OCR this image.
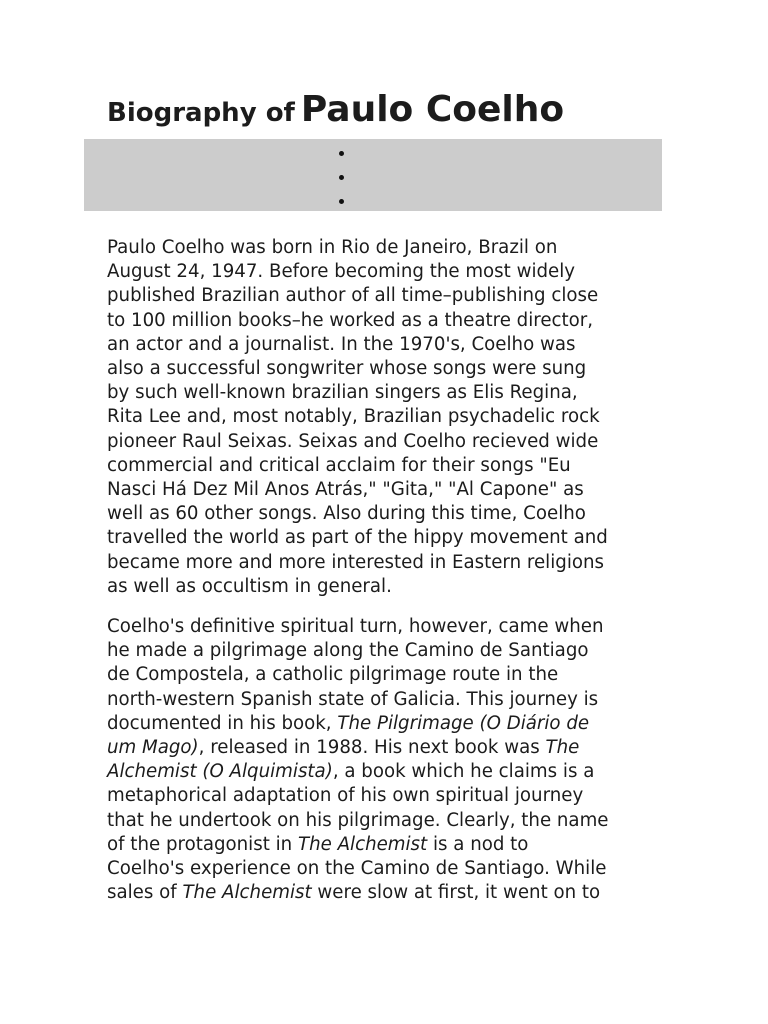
Biography of Paulo Coelho

Paulo Coelho was born in Rio de Janeiro, Brazil on
August 24, 1947. Before becoming the most widely
published Brazilian author of all time–publishing close
to 100 million books–he worked as a theatre director,
an actor and a journalist. In the 1970's, Coelho was
also a successful songwriter whose songs were sung
by such well-known brazilian singers as Elis Regina,
Rita Lee and, most notably, Brazilian psychadelic rock
pioneer Raul Seixas. Seixas and Coelho recieved wide
commercial and critical acclaim for their songs "Eu
Nasci Há Dez Mil Anos Atrás," "Gita," "Al Capone" as
well as 60 other songs. Also during this time, Coelho
travelled the world as part of the hippy movement and
became more and more interested in Eastern religions
as well as occultism in general.

Coelho's definitive spiritual turn, however, came when
he made a pilgrimage along the Camino de Santiago
de Compostela, a catholic pilgrimage route in the
north-western Spanish state of Galicia. This journey is
documented in his book, The Pilgrimage (O Diário de
um Mago), released in 1988. His next book was The
Alchemist (O Alquimista), a book which he claims is a
metaphorical adaptation of his own spiritual journey
that he undertook on his pilgrimage. Clearly, the name
of the protagonist in The Alchemist is a nod to
Coelho's experience on the Camino de Santiago. While
sales of The Alchemist were slow at first, it went on to
